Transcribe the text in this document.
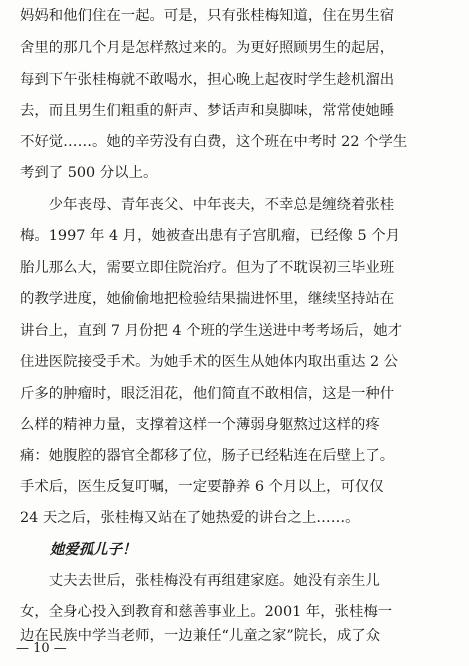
妈妈和他们住在一起。可是，只有张桂梅知道，住在男生宿
舍里的那几个月是怎样熬过来的。为更好照顾男生的起居，
每到下午张桂梅就不敢喝水，担心晚上起夜时学生趁机溜出
去，而且男生们粗重的鼾声、梦话声和臭脚味，常常使她睡
不好觉……。她的辛劳没有白费，这个班在中考时 22 个学生
考到了 500 分以上。
　　少年丧母、青年丧父、中年丧夫，不幸总是缠绕着张桂
梅。1997 年 4 月，她被查出患有子宫肌瘤，已经像 5 个月
胎儿那么大，需要立即住院治疗。但为了不耽误初三毕业班
的教学进度，她偷偷地把检验结果揣进怀里，继续坚持站在
讲台上，直到 7 月份把 4 个班的学生送进中考考场后，她才
住进医院接受手术。为她手术的医生从她体内取出重达 2 公
斤多的肿瘤时，眼泛泪花，他们简直不敢相信，这是一种什
么样的精神力量，支撑着这样一个薄弱身躯熬过这样的疼
痛：她腹腔的器官全都移了位，肠子已经粘连在后壁上了。
手术后，医生反复叮嘱，一定要静养 6 个月以上，可仅仅
24 天之后，张桂梅又站在了她热爱的讲台之上……。
她爱孤儿子！
　　丈夫去世后，张桂梅没有再组建家庭。她没有亲生儿
女，全身心投入到教育和慈善事业上。2001 年，张桂梅一
边在民族中学当老师，一边兼任“儿童之家”院长，成了众
— 10 —
